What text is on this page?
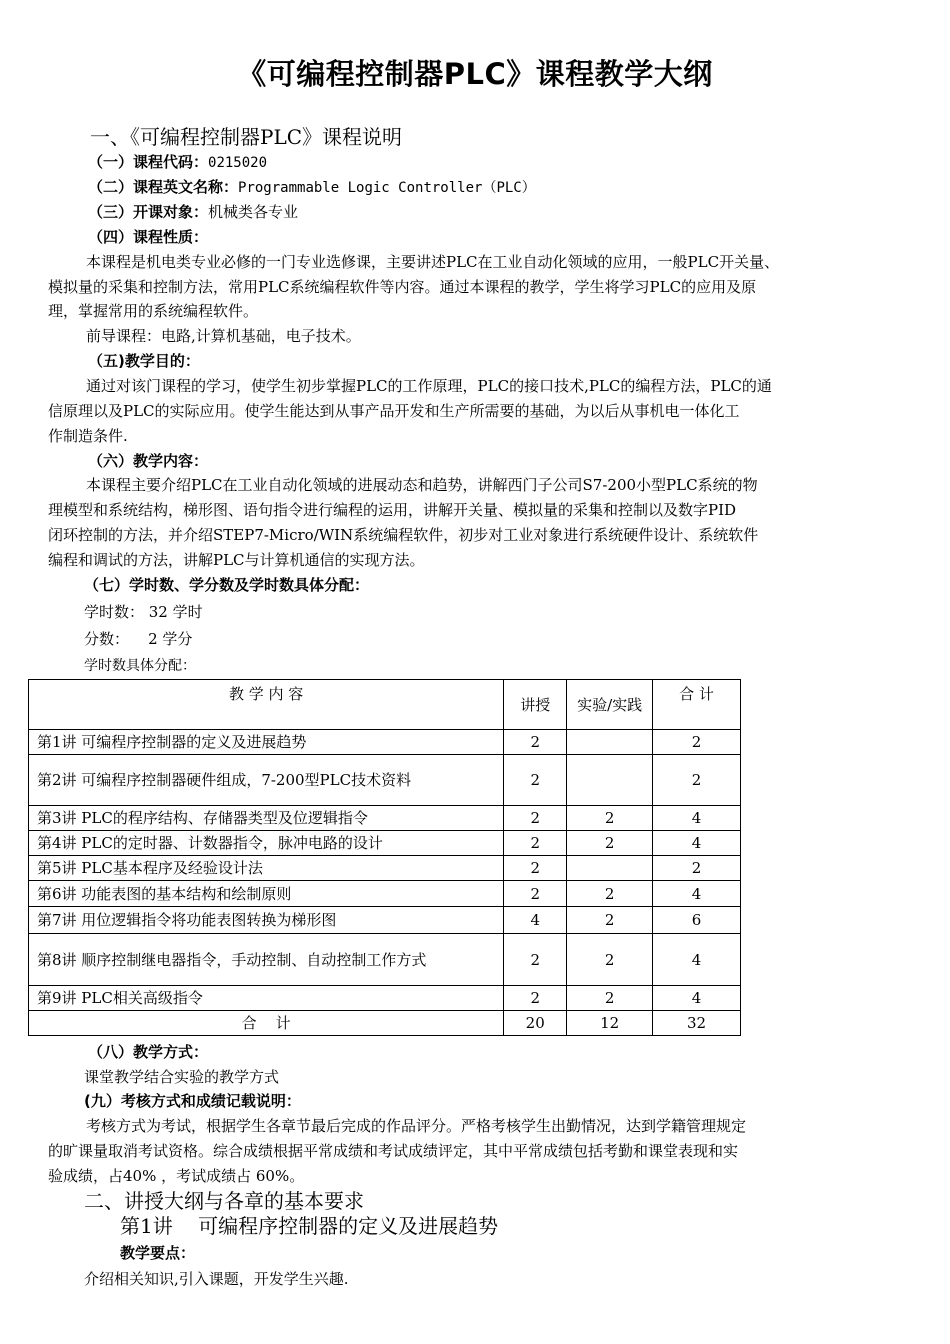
《可编程控制器PLC》课程教学大纲
一、《可编程控制器PLC》课程说明
（一）课程代码：0215020
（二）课程英文名称：Programmable Logic Controller（PLC）
（三）开课对象：机械类各专业
（四）课程性质：
本课程是机电类专业必修的一门专业选修课，主要讲述PLC在工业自动化领域的应用，一般PLC开关量、
模拟量的采集和控制方法，常用PLC系统编程软件等内容。通过本课程的教学，学生将学习PLC的应用及原
理，掌握常用的系统编程软件。
前导课程：电路,计算机基础，电子技术。
（五)教学目的：
通过对该门课程的学习，使学生初步掌握PLC的工作原理，PLC的接口技术,PLC的编程方法，PLC的通
信原理以及PLC的实际应用。使学生能达到从事产品开发和生产所需要的基础，为以后从事机电一体化工
作制造条件.
（六）教学内容：
本课程主要介绍PLC在工业自动化领域的进展动态和趋势，讲解西门子公司S7-200小型PLC系统的物
理模型和系统结构，梯形图、语句指令进行编程的运用，讲解开关量、模拟量的采集和控制以及数字PID
闭环控制的方法，并介绍STEP7-Micro/WIN系统编程软件，初步对工业对象进行系统硬件设计、系统软件
编程和调试的方法，讲解PLC与计算机通信的实现方法。
（七）学时数、学分数及学时数具体分配：
学时数： 32 学时
分数：    2 学分
学时数具体分配：
教 学 内 容	讲授	实验/实践	合 计
第1讲 可编程序控制器的定义及进展趋势	2		2
第2讲 可编程序控制器硬件组成，7-200型PLC技术资料	2		2
第3讲 PLC的程序结构、存储器类型及位逻辑指令	2	2	4
第4讲 PLC的定时器、计数器指令，脉冲电路的设计	2	2	4
第5讲 PLC基本程序及经验设计法	2		2
第6讲 功能表图的基本结构和绘制原则	2	2	4
第7讲 用位逻辑指令将功能表图转换为梯形图	4	2	6
第8讲 顺序控制继电器指令，手动控制、自动控制工作方式	2	2	4
第9讲 PLC相关高级指令	2	2	4
合    计	20	12	32
（八）教学方式：
课堂教学结合实验的教学方式
(九）考核方式和成绩记载说明：
考核方式为考试，根据学生各章节最后完成的作品评分。严格考核学生出勤情况，达到学籍管理规定
的旷课量取消考试资格。综合成绩根据平常成绩和考试成绩评定，其中平常成绩包括考勤和课堂表现和实
验成绩，占40% ，考试成绩占 60%。
二、讲授大纲与各章的基本要求
第1讲    可编程序控制器的定义及进展趋势
教学要点：
介绍相关知识,引入课题，开发学生兴趣.
